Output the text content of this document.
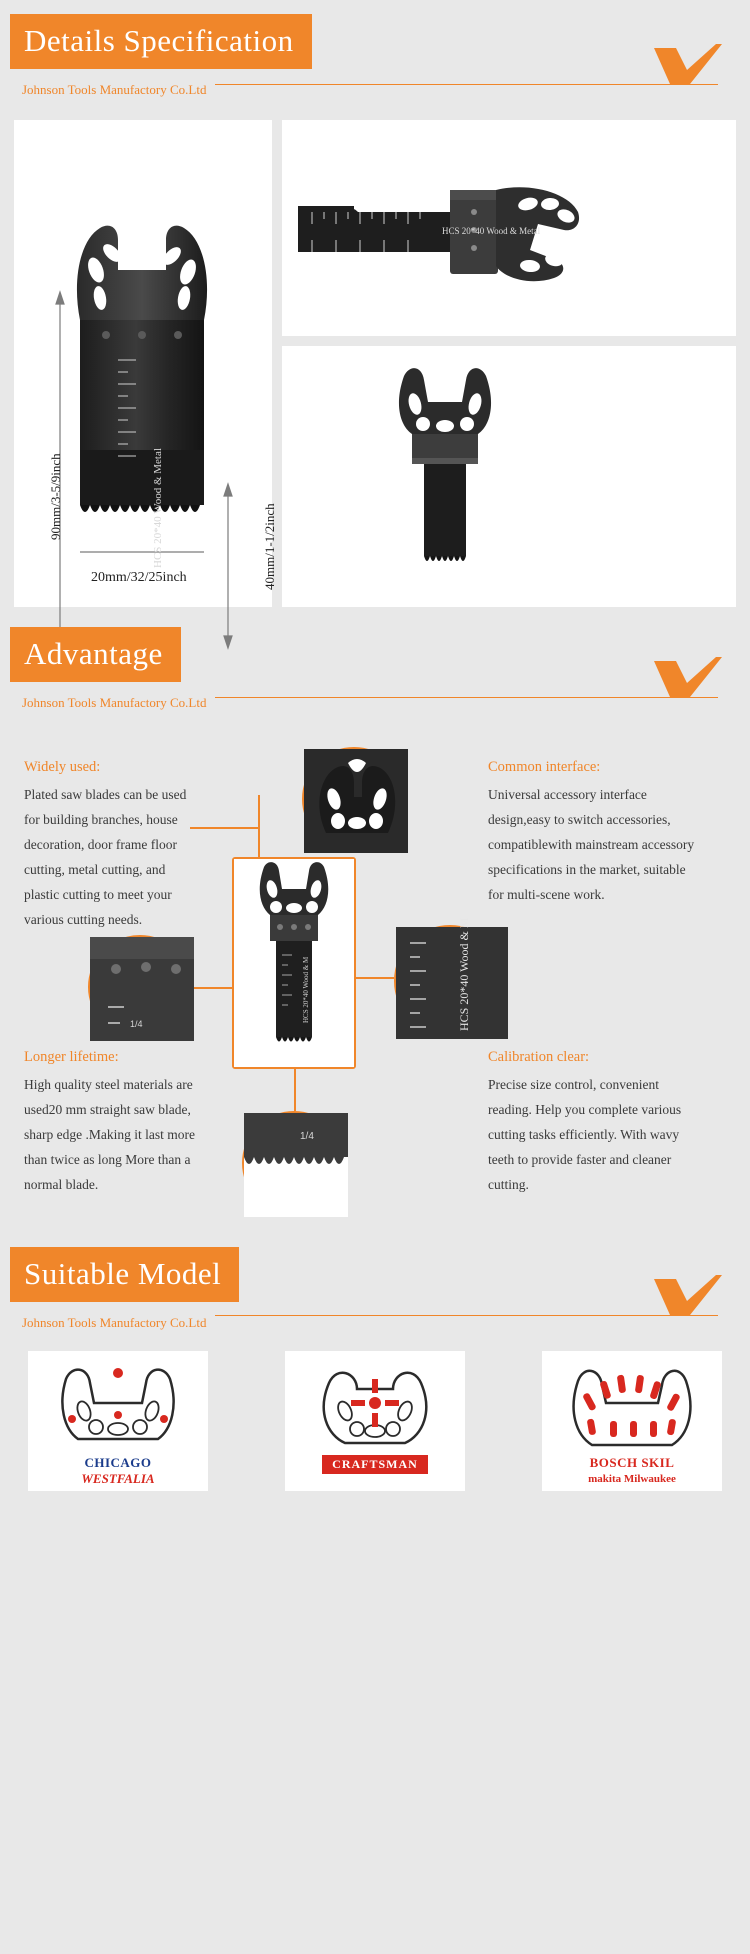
Details Specification
Johnson Tools Manufactory Co.Ltd
90mm/3-5/9inch
40mm/1-1/2inch
20mm/32/25inch
HCS 20*40 Wood & Metal
HCS 20*40 Wood & Metal
Advantage
Johnson Tools Manufactory Co.Ltd
Widely used:

Plated saw blades can be used for building branches, house decoration, door frame floor cutting, metal cutting, and plastic cutting to meet your various cutting needs.

Common interface:

Universal accessory interface design,easy to switch accessories, compatiblewith mainstream accessory specifications in the market, suitable for multi-scene work.

Longer lifetime:

High quality steel materials are used20 mm straight saw blade, sharp edge .Making it last more than twice as long More than a normal blade.

Calibration clear:

Precise size control, convenient reading. Help you complete various cutting tasks efficiently. With wavy teeth to provide faster and cleaner cutting.

1/4	HCS 20*40 Wood & M
1/4
HCS 20*40 Wood & M
Suitable Model
Johnson Tools Manufactory Co.Ltd
CHICAGO
WESTFALIA
CRAFTSMAN	BOSCH SKIL
makita Milwaukee
